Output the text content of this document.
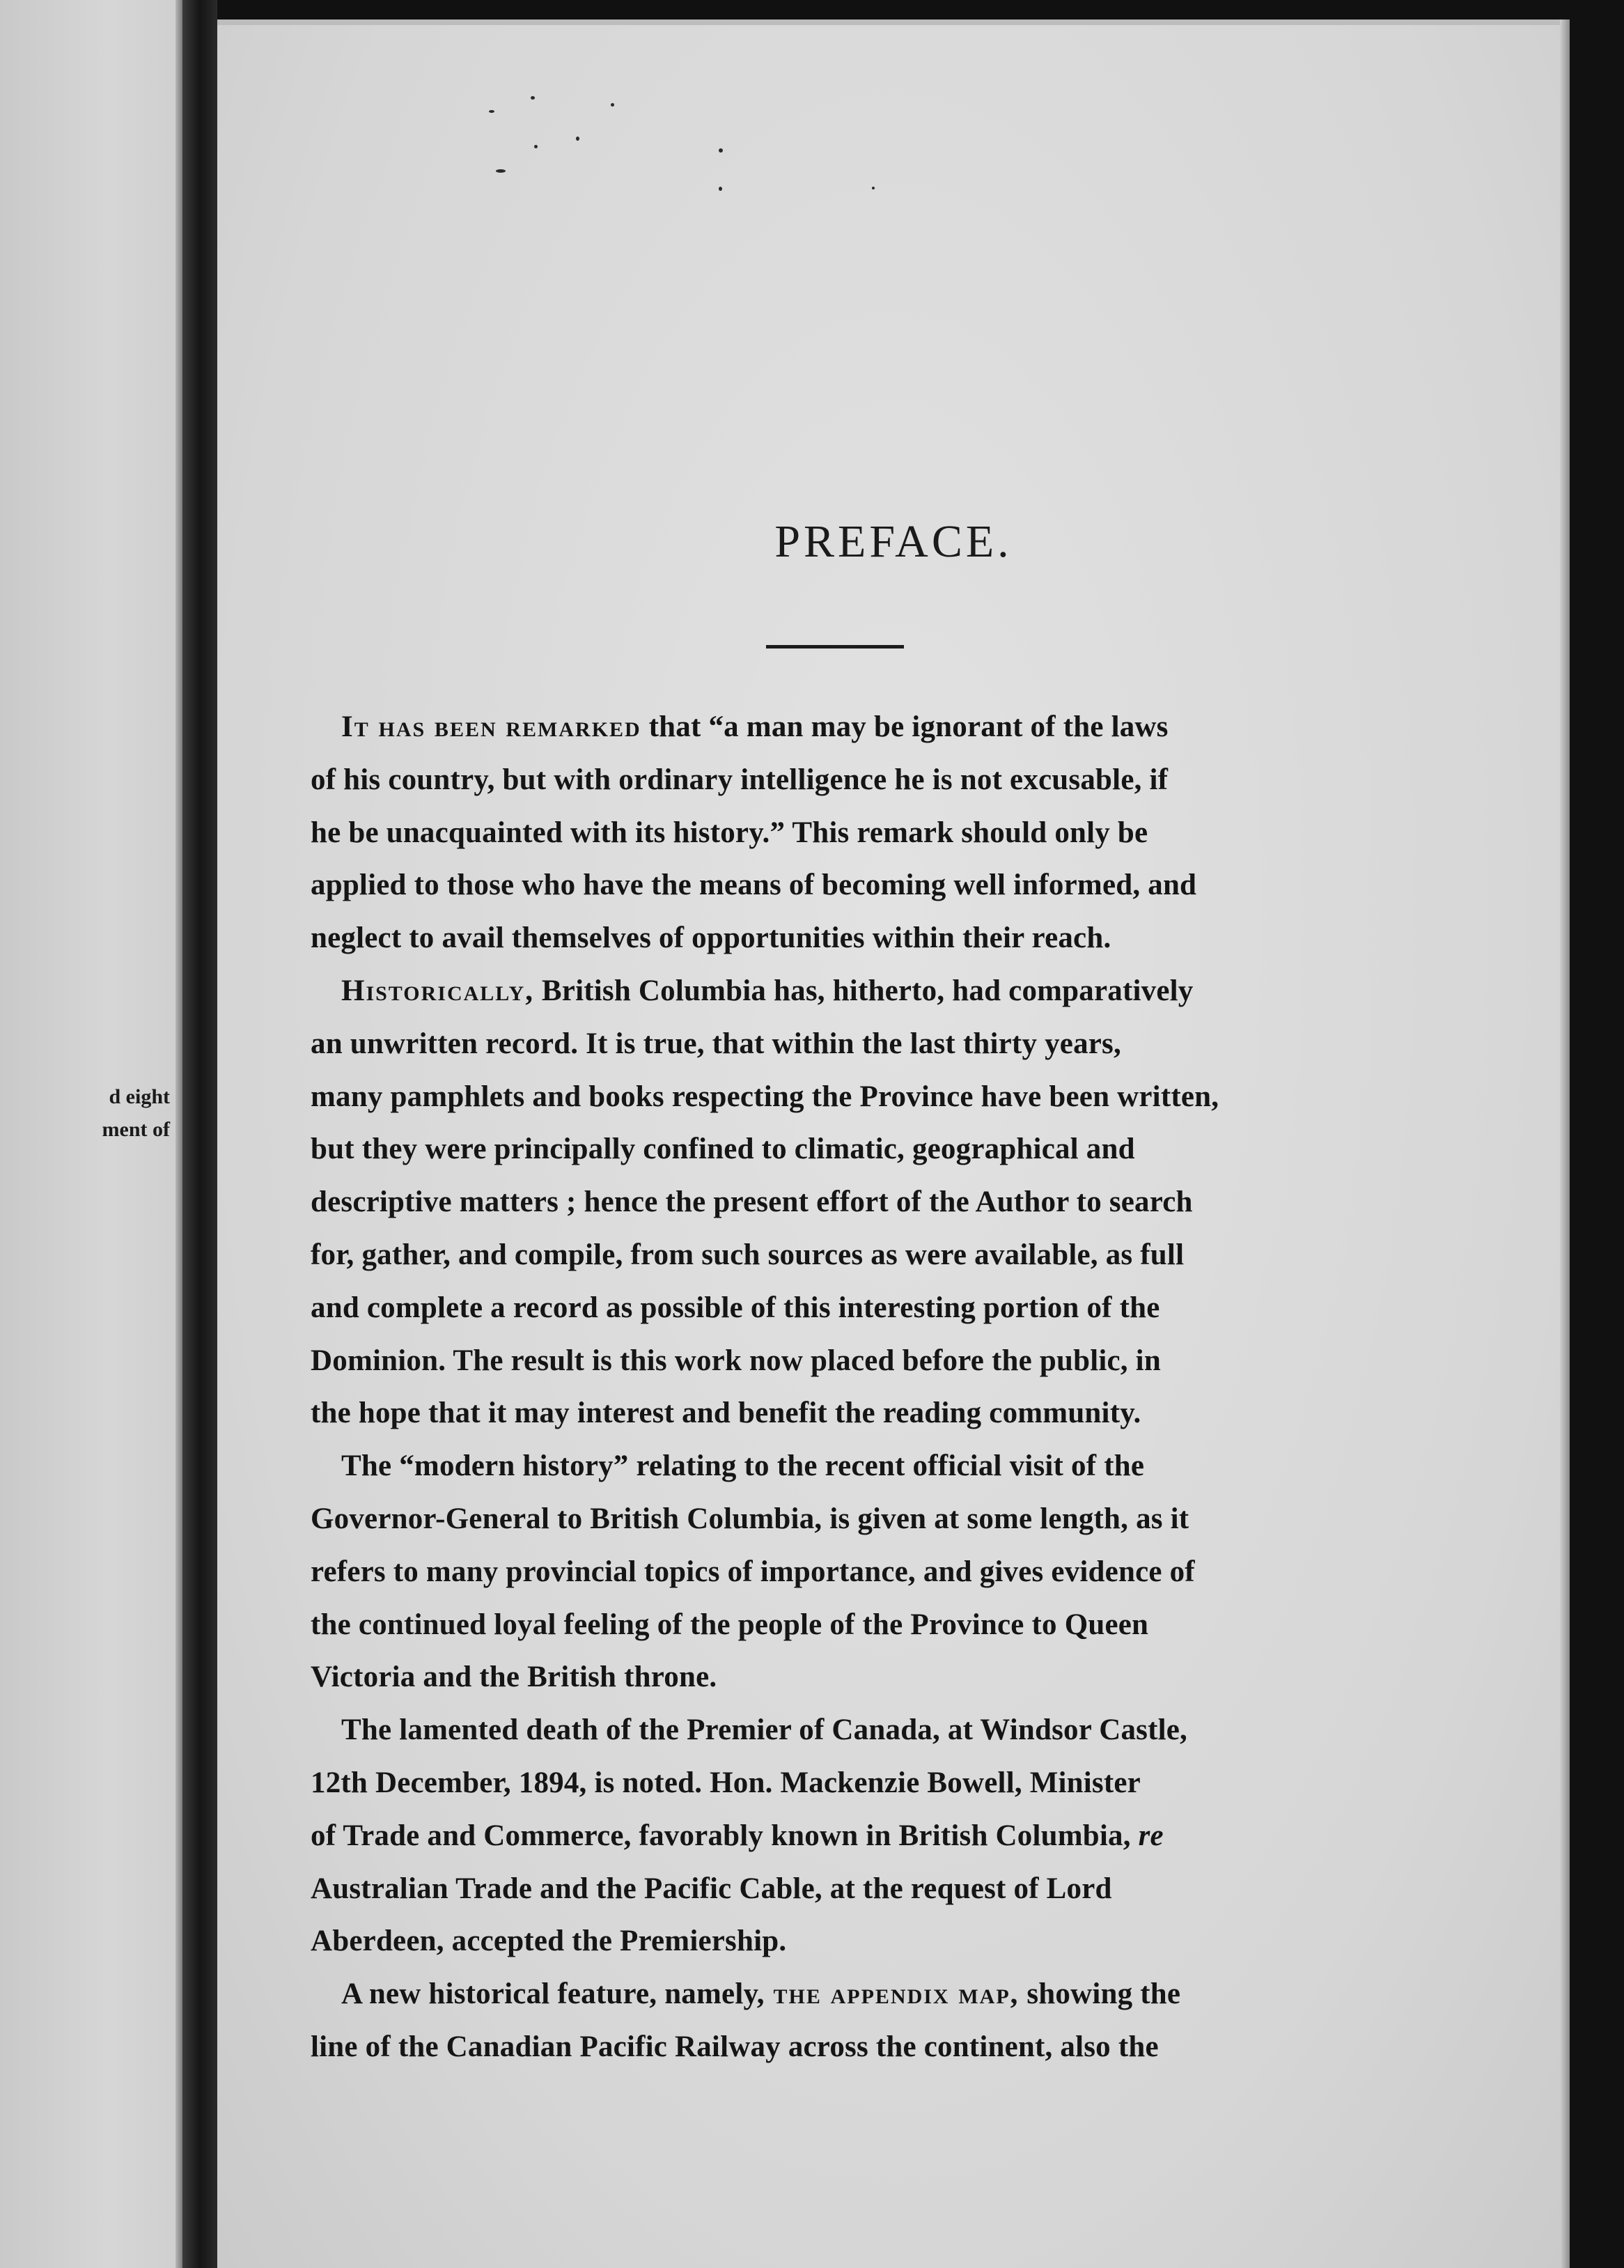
d eight
ment of
PREFACE.
It has been remarked that “a man may be ignorant of the laws
of his country, but with ordinary intelligence he is not excusable, if
he be unacquainted with its history.” This remark should only be
applied to those who have the means of becoming well informed, and
neglect to avail themselves of opportunities within their reach.
Historically, British Columbia has, hitherto, had comparatively
an unwritten record. It is true, that within the last thirty years,
many pamphlets and books respecting the Province have been written,
but they were principally confined to climatic, geographical and
descriptive matters ; hence the present effort of the Author to search
for, gather, and compile, from such sources as were available, as full
and complete a record as possible of this interesting portion of the
Dominion. The result is this work now placed before the public, in
the hope that it may interest and benefit the reading community.
The “modern history” relating to the recent official visit of the
Governor-General to British Columbia, is given at some length, as it
refers to many provincial topics of importance, and gives evidence of
the continued loyal feeling of the people of the Province to Queen
Victoria and the British throne.
The lamented death of the Premier of Canada, at Windsor Castle,
12th December, 1894, is noted. Hon. Mackenzie Bowell, Minister
of Trade and Commerce, favorably known in British Columbia, re
Australian Trade and the Pacific Cable, at the request of Lord
Aberdeen, accepted the Premiership.
A new historical feature, namely, the appendix map, showing the
line of the Canadian Pacific Railway across the continent, also the
